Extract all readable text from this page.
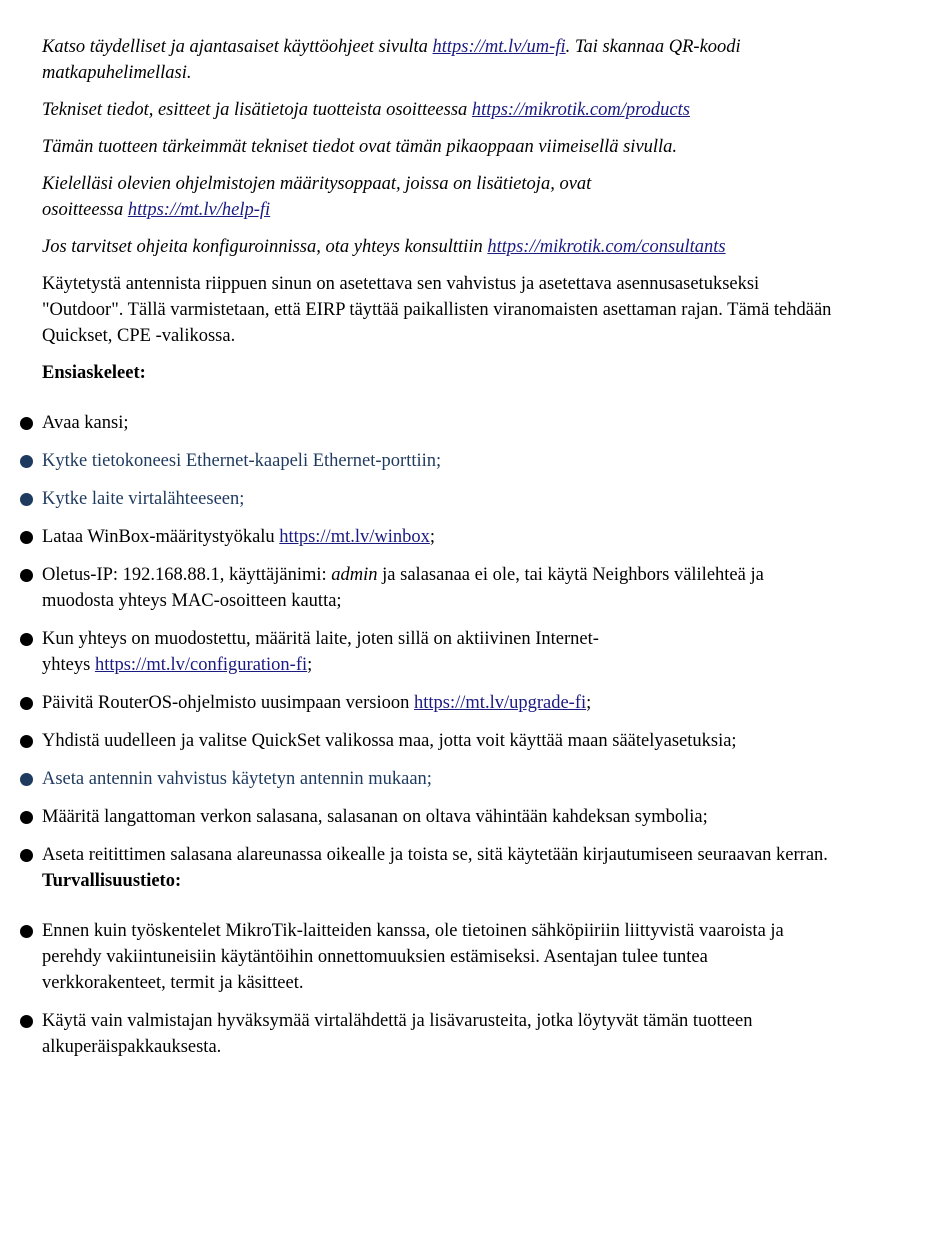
Katso täydelliset ja ajantasaiset käyttöohjeet sivulta https://mt.lv/um-fi. Tai skannaa QR-koodi matkapuhelimellasi.

Tekniset tiedot, esitteet ja lisätietoja tuotteista osoitteessa https://mikrotik.com/products

Tämän tuotteen tärkeimmät tekniset tiedot ovat tämän pikaoppaan viimeisellä sivulla.

Kielelläsi olevien ohjelmistojen määritysoppaat, joissa on lisätietoja, ovat osoitteessa https://mt.lv/help-fi

Jos tarvitset ohjeita konfiguroinnissa, ota yhteys konsulttiin https://mikrotik.com/consultants

Käytetystä antennista riippuen sinun on asetettava sen vahvistus ja asetettava asennusasetukseksi "Outdoor". Tällä varmistetaan, että EIRP täyttää paikallisten viranomaisten asettaman rajan. Tämä tehdään Quickset, CPE -valikossa.

Ensiaskeleet:

Avaa kansi;
Kytke tietokoneesi Ethernet-kaapeli Ethernet-porttiin;
Kytke laite virtalähteeseen;
Lataa WinBox-määritystyökalu https://mt.lv/winbox;
Oletus-IP: 192.168.88.1, käyttäjänimi: admin ja salasanaa ei ole, tai käytä Neighbors välilehteä ja muodosta yhteys MAC-osoitteen kautta;
Kun yhteys on muodostettu, määritä laite, joten sillä on aktiivinen Internet-yhteys https://mt.lv/configuration-fi;
Päivitä RouterOS-ohjelmisto uusimpaan versioon https://mt.lv/upgrade-fi;
Yhdistä uudelleen ja valitse QuickSet valikossa maa, jotta voit käyttää maan säätelyasetuksia;
Aseta antennin vahvistus käytetyn antennin mukaan;
Määritä langattoman verkon salasana, salasanan on oltava vähintään kahdeksan symbolia;
Aseta reitittimen salasana alareunassa oikealle ja toista se, sitä käytetään kirjautumiseen seuraavan kerran.

Turvallisuustieto:

Ennen kuin työskentelet MikroTik-laitteiden kanssa, ole tietoinen sähköpiiriin liittyvistä vaaroista ja perehdy vakiintuneisiin käytäntöihin onnettomuuksien estämiseksi. Asentajan tulee tuntea verkkorakenteet, termit ja käsitteet.
Käytä vain valmistajan hyväksymää virtalähdettä ja lisävarusteita, jotka löytyvät tämän tuotteen alkuperäispakkauksesta.
